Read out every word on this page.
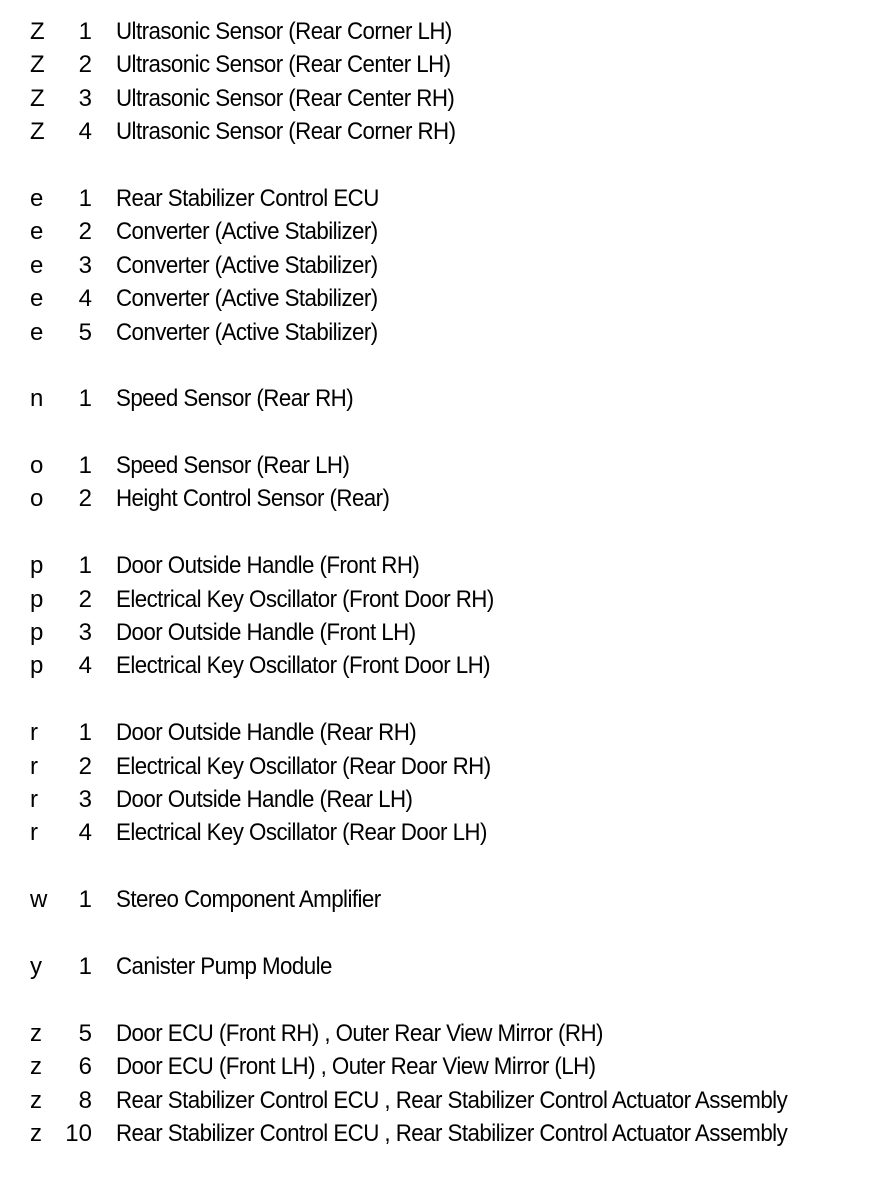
Z	1 Ultrasonic Sensor (Rear Corner LH)
Z	2 Ultrasonic Sensor (Rear Center LH)
Z	3 Ultrasonic Sensor (Rear Center RH)
Z	4 Ultrasonic Sensor (Rear Corner RH)
e	1 Rear Stabilizer Control ECU
e	2 Converter (Active Stabilizer)
e	3 Converter (Active Stabilizer)
e	4 Converter (Active Stabilizer)
e	5 Converter (Active Stabilizer)
n	1 Speed Sensor (Rear RH)
o	1 Speed Sensor (Rear LH)
o	2 Height Control Sensor (Rear)
p	1 Door Outside Handle (Front RH)
p	2 Electrical Key Oscillator (Front Door RH)
p	3 Door Outside Handle (Front LH)
p	4 Electrical Key Oscillator (Front Door LH)
r	1 Door Outside Handle (Rear RH)
r	2 Electrical Key Oscillator (Rear Door RH)
r	3 Door Outside Handle (Rear LH)
r	4 Electrical Key Oscillator (Rear Door LH)
w	1 Stereo Component Amplifier
y	1 Canister Pump Module
z	5 Door ECU (Front RH) , Outer Rear View Mirror (RH)
z	6 Door ECU (Front LH) , Outer Rear View Mirror (LH)
z	8 Rear Stabilizer Control ECU , Rear Stabilizer Control Actuator Assembly
z 10 Rear Stabilizer Control ECU , Rear Stabilizer Control Actuator Assembly
